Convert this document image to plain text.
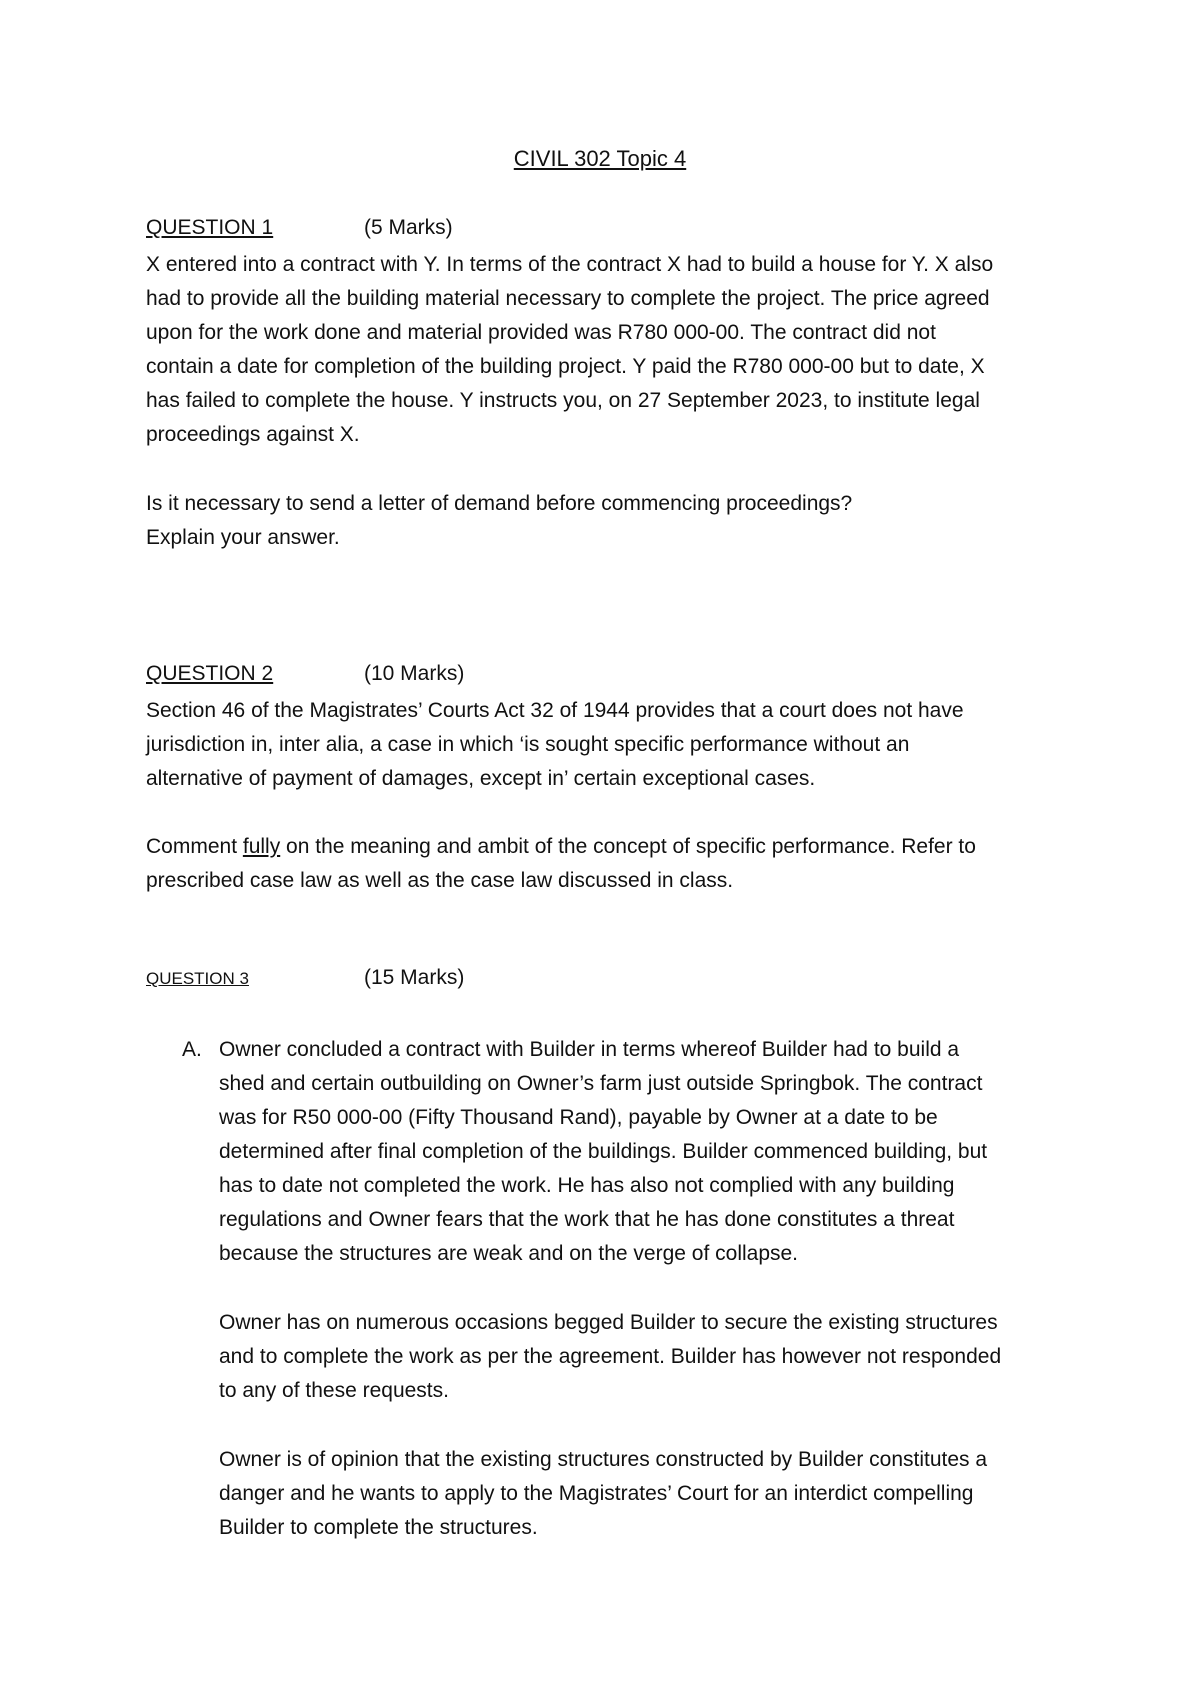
CIVIL 302 Topic 4
QUESTION 1	(5 Marks)
X entered into a contract with Y. In terms of the contract X had to build a house for Y. X also
had to provide all the building material necessary to complete the project. The price agreed
upon for the work done and material provided was R780 000-00. The contract did not
contain a date for completion of the building project. Y paid the R780 000-00 but to date, X
has failed to complete the house. Y instructs you, on 27 September 2023, to institute legal
proceedings against X.
Is it necessary to send a letter of demand before commencing proceedings?
Explain your answer.
QUESTION 2	(10 Marks)
Section 46 of the Magistrates’ Courts Act 32 of 1944 provides that a court does not have
jurisdiction in, inter alia, a case in which ‘is sought specific performance without an
alternative of payment of damages, except in’ certain exceptional cases.
Comment fully on the meaning and ambit of the concept of specific performance. Refer to
prescribed case law as well as the case law discussed in class.
QUESTION 3	(15 Marks)
A. Owner concluded a contract with Builder in terms whereof Builder had to build a
shed and certain outbuilding on Owner’s farm just outside Springbok. The contract
was for R50 000-00 (Fifty Thousand Rand), payable by Owner at a date to be
determined after final completion of the buildings. Builder commenced building, but
has to date not completed the work. He has also not complied with any building
regulations and Owner fears that the work that he has done constitutes a threat
because the structures are weak and on the verge of collapse.
Owner has on numerous occasions begged Builder to secure the existing structures
and to complete the work as per the agreement. Builder has however not responded
to any of these requests.
Owner is of opinion that the existing structures constructed by Builder constitutes a
danger and he wants to apply to the Magistrates’ Court for an interdict compelling
Builder to complete the structures.
